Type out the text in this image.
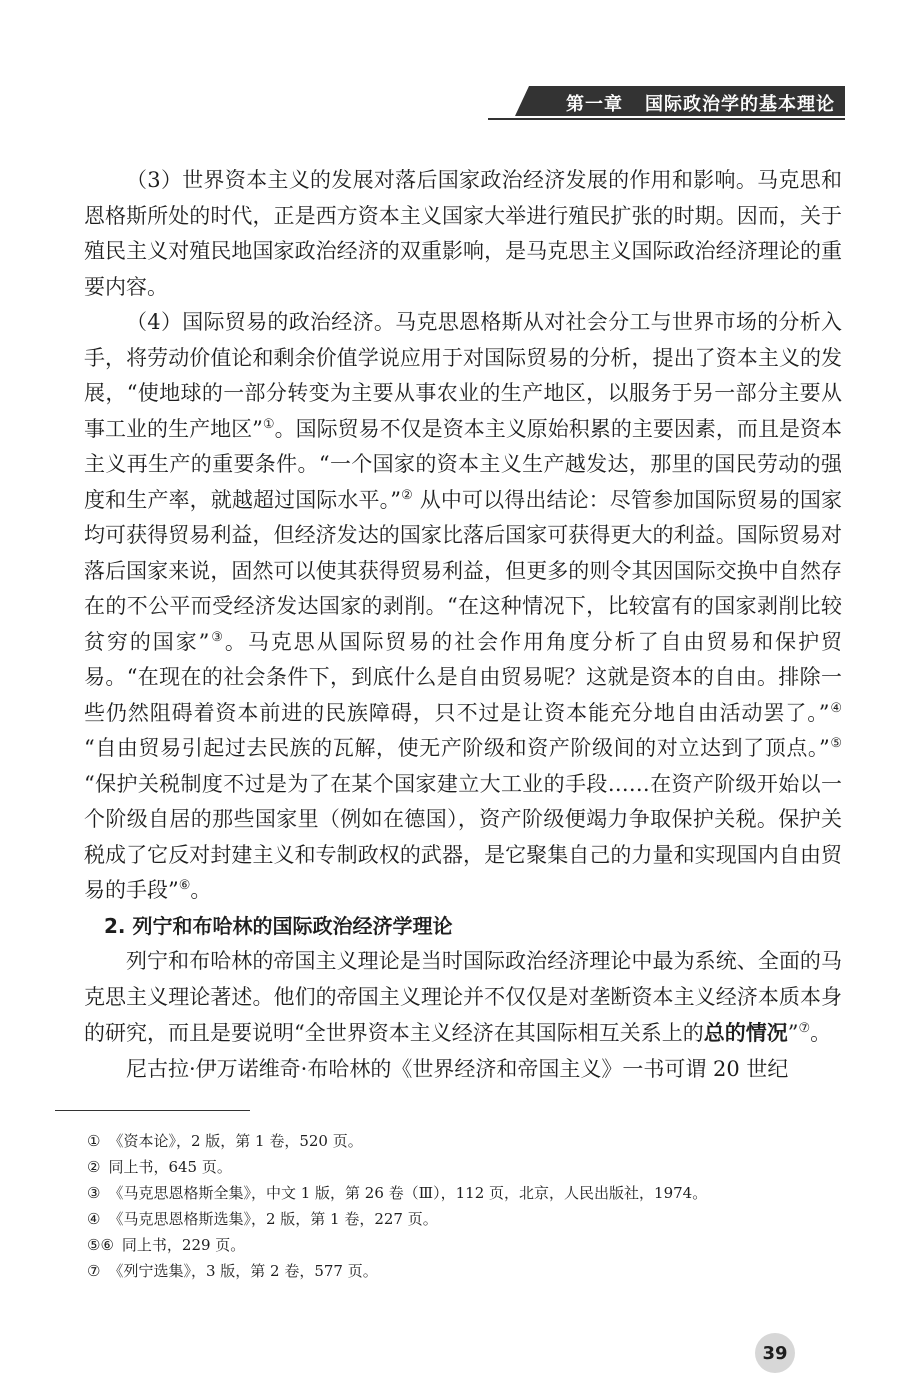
第一章 国际政治学的基本理论

（3）世界资本主义的发展对落后国家政治经济发展的作用和影响。马克思和恩格斯所处的时代，正是西方资本主义国家大举进行殖民扩张的时期。因而，关于殖民主义对殖民地国家政治经济的双重影响，是马克思主义国际政治经济理论的重要内容。

（4）国际贸易的政治经济。马克思恩格斯从对社会分工与世界市场的分析入手，将劳动价值论和剩余价值学说应用于对国际贸易的分析，提出了资本主义的发展，“使地球的一部分转变为主要从事农业的生产地区，以服务于另一部分主要从事工业的生产地区”①。国际贸易不仅是资本主义原始积累的主要因素，而且是资本主义再生产的重要条件。“一个国家的资本主义生产越发达，那里的国民劳动的强度和生产率，就越超过国际水平。”② 从中可以得出结论：尽管参加国际贸易的国家均可获得贸易利益，但经济发达的国家比落后国家可获得更大的利益。国际贸易对落后国家来说，固然可以使其获得贸易利益，但更多的则令其因国际交换中自然存在的不公平而受经济发达国家的剥削。“在这种情况下，比较富有的国家剥削比较贫穷的国家”③。马克思从国际贸易的社会作用角度分析了自由贸易和保护贸易。“在现在的社会条件下，到底什么是自由贸易呢？这就是资本的自由。排除一些仍然阻碍着资本前进的民族障碍，只不过是让资本能充分地自由活动罢了。”④ “自由贸易引起过去民族的瓦解，使无产阶级和资产阶级间的对立达到了顶点。”⑤ “保护关税制度不过是为了在某个国家建立大工业的手段……在资产阶级开始以一个阶级自居的那些国家里（例如在德国），资产阶级便竭力争取保护关税。保护关税成了它反对封建主义和专制政权的武器，是它聚集自己的力量和实现国内自由贸易的手段”⑥。

2. 列宁和布哈林的国际政治经济学理论

列宁和布哈林的帝国主义理论是当时国际政治经济理论中最为系统、全面的马克思主义理论著述。他们的帝国主义理论并不仅仅是对垄断资本主义经济本质本身的研究，而且是要说明“全世界资本主义经济在其国际相互关系上的总的情况”⑦。

尼古拉·伊万诺维奇·布哈林的《世界经济和帝国主义》一书可谓 20 世纪

① 《资本论》，2 版，第 1 卷，520 页。
② 同上书，645 页。
③ 《马克思恩格斯全集》，中文 1 版，第 26 卷（Ⅲ），112 页，北京，人民出版社，1974。
④ 《马克思恩格斯选集》，2 版，第 1 卷，227 页。
⑤⑥ 同上书，229 页。
⑦ 《列宁选集》，3 版，第 2 卷，577 页。
39
